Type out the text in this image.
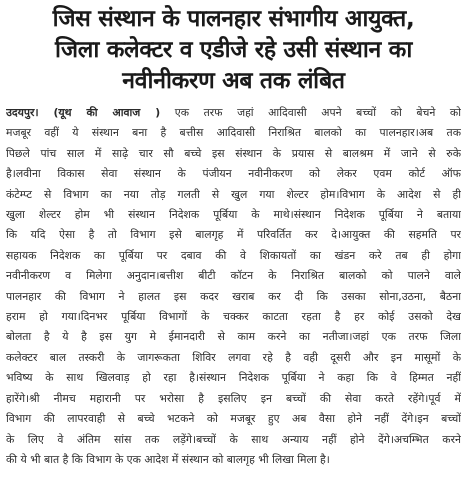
जिस संस्थान के पालनहार संभागीय आयुक्त,
जिला कलेक्टर व एडीजे रहे उसी संस्थान का
नवीनीकरण अब तक लंबित
उदयपुर। (यूथ की आवाज ) एक तरफ जहां आदिवासी अपने बच्चों को बेचने को
मजबूर वहीं ये संस्थान बना है बत्तीस आदिवासी निराश्रित बालको का पालनहार।अब तक
पिछले पांच साल में साढ़े चार सौ बच्चे इस संस्थान के प्रयास से बालश्रम में जाने से रुके
है।लवीना विकास सेवा संस्थान के पंजीयन नवीनीकरण को लेकर एवम कोर्ट ऑफ
कंटेम्प्ट से विभाग का नया तोड़ गलती से खुल गया शेल्टर होम।विभाग के आदेश से ही
खुला शेल्टर होम भी संस्थान निदेशक पूर्बिया के माथे।संस्थान निदेशक पूर्बिया ने बताया
कि यदि ऐसा है तो विभाग इसे बालगृह में परिवर्तित कर दे।आयुक्त की सहमति पर
सहायक निदेशक का पूर्बिया पर दबाव की वे शिकायतों का खंडन करे तब ही होगा
नवीनीकरण व मिलेगा अनुदान।बत्तीश बीटी कॉटन के निराश्रित बालको को पालने वाले
पालनहार की विभाग ने हालत इस कदर खराब कर दी कि उसका सोना,उठना, बैठना
हराम हो गया।दिनभर पूर्बिया विभागों के चक्कर काटता रहता है हर कोई उसको देख
बोलता है ये है इस युग मे ईमानदारी से काम करने का नतीजा।जहां एक तरफ जिला
कलेक्टर बाल तस्करी के जागरूकता शिविर लगवा रहे है वही दूसरी और इन मासूमों के
भविष्य के साथ खिलवाड़ हो रहा है।संस्थान निदेशक पूर्बिया ने कहा कि वे हिम्मत नहीं
हारेंगे।श्री नीमच महारानी पर भरोसा है इसलिए इन बच्चों की सेवा करते रहेंगे।पूर्व में
विभाग की लापरवाही से बच्चे भटकने को मजबूर हुए अब वैसा होने नहीं देंगे।इन बच्चों
के लिए वे अंतिम सांस तक लड़ेंगे।बच्चों के साथ अन्याय नहीं होने देंगे।अचम्भित करने
की ये भी बात है कि विभाग के एक आदेश में संस्थान को बालगृह भी लिखा मिला है।
